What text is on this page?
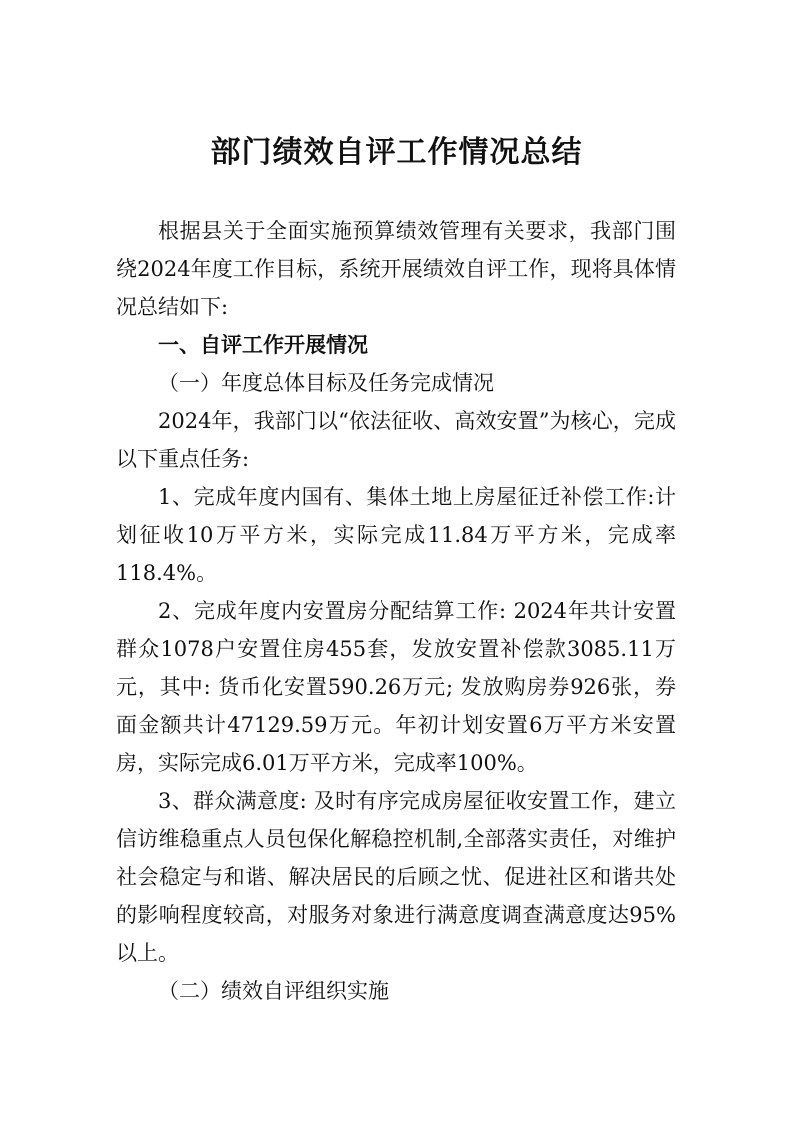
部门绩效自评工作情况总结

根据县关于全面实施预算绩效管理有关要求，我部门围绕2024年度工作目标，系统开展绩效自评工作，现将具体情况总结如下:

一、自评工作开展情况

（一）年度总体目标及任务完成情况

2024年，我部门以“依法征收、高效安置”为核心，完成以下重点任务:

1、完成年度内国有、集体土地上房屋征迁补偿工作:计划征收10万平方米，实际完成11.84万平方米，完成率118.4%。

2、完成年度内安置房分配结算工作: 2024年共计安置群众1078户安置住房455套，发放安置补偿款3085.11万元，其中: 货币化安置590.26万元; 发放购房券926张，券面金额共计47129.59万元。年初计划安置6万平方米安置房，实际完成6.01万平方米，完成率100%。

3、群众满意度: 及时有序完成房屋征收安置工作，建立信访维稳重点人员包保化解稳控机制,全部落实责任，对维护社会稳定与和谐、解决居民的后顾之忧、促进社区和谐共处的影响程度较高，对服务对象进行满意度调查满意度达95%以上。

（二）绩效自评组织实施
